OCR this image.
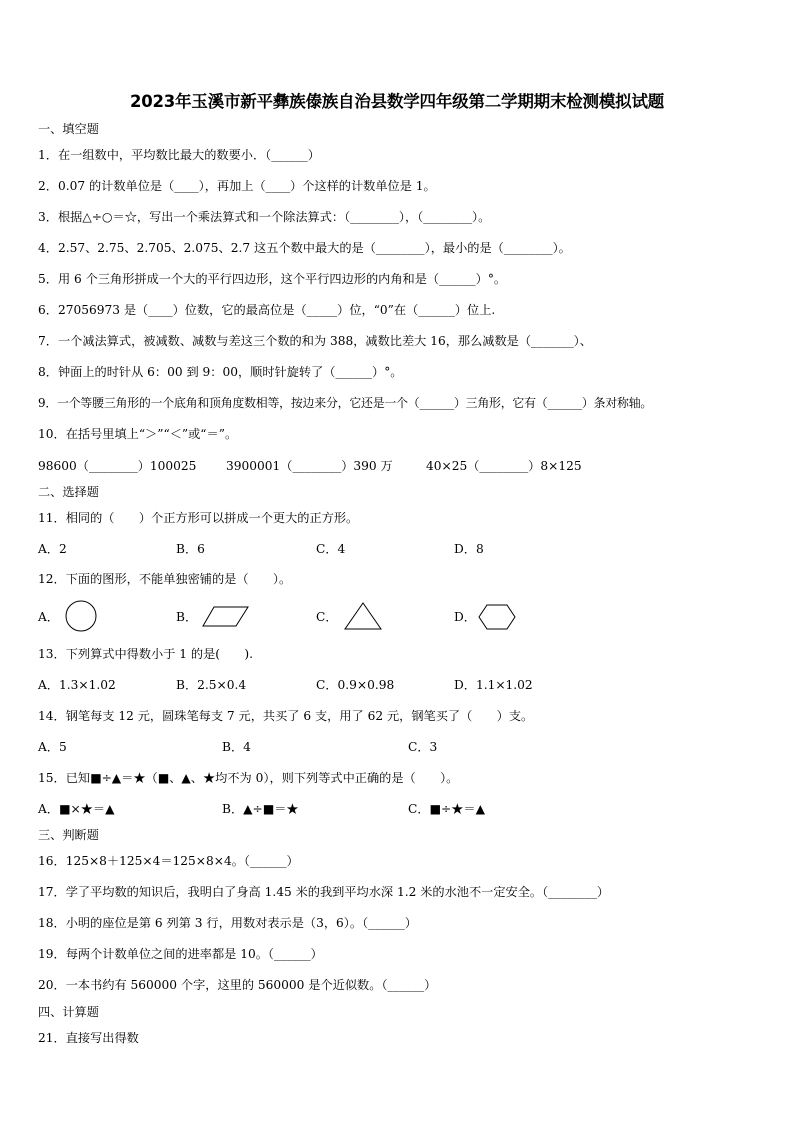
2023年玉溪市新平彝族傣族自治县数学四年级第二学期期末检测模拟试题
一、填空题
1．在一组数中，平均数比最大的数要小．（______）
2．0.07 的计数单位是（____），再加上（____）个这样的计数单位是 1。
3．根据△÷○＝☆，写出一个乘法算式和一个除法算式：（________），（________）。
4．2.57、2.75、2.705、2.075、2.7 这五个数中最大的是（________），最小的是（________）。
5．用 6 个三角形拼成一个大的平行四边形，这个平行四边形的内角和是（______）°。
6．27056973 是（____）位数，它的最高位是（_____）位，“0”在（______）位上.
7．一个减法算式，被减数、减数与差这三个数的和为 388，减数比差大 16，那么减数是（_______）、
8．钟面上的时针从 6：00 到 9：00，顺时针旋转了（______）°。
9．一个等腰三角形的一个底角和顶角度数相等，按边来分，它还是一个（______）三角形，它有（______）条对称轴。
10．在括号里填上“＞”“＜”或“＝”。
98600（________）100025 3900001（________）390 万	40×25（________）8×125
二、选择题
11．相同的（　　）个正方形可以拼成一个更大的正方形。
A．2	B．6	C．4	D．8
12．下面的图形，不能单独密铺的是（　　）。
A．	B．	C．	D．
13．下列算式中得数小于 1 的是(　　).
A．1.3×1.02	B．2.5×0.4	C．0.9×0.98	D．1.1×1.02
14．钢笔每支 12 元，圆珠笔每支 7 元，共买了 6 支，用了 62 元，钢笔买了（　　）支。
A．5	B．4	C．3
15．已知■÷▲＝★（■、▲、★均不为 0），则下列等式中正确的是（　　）。
A．■×★＝▲	B．▲÷■＝★	C．■÷★＝▲
三、判断题
16．125×8＋125×4＝125×8×4。（______）
17．学了平均数的知识后，我明白了身高 1.45 米的我到平均水深 1.2 米的水池不一定安全。（________）
18．小明的座位是第 6 列第 3 行，用数对表示是（3，6）。（______）
19．每两个计数单位之间的进率都是 10。（______）
20．一本书约有 560000 个字，这里的 560000 是个近似数。（______）
四、计算题
21．直接写出得数
